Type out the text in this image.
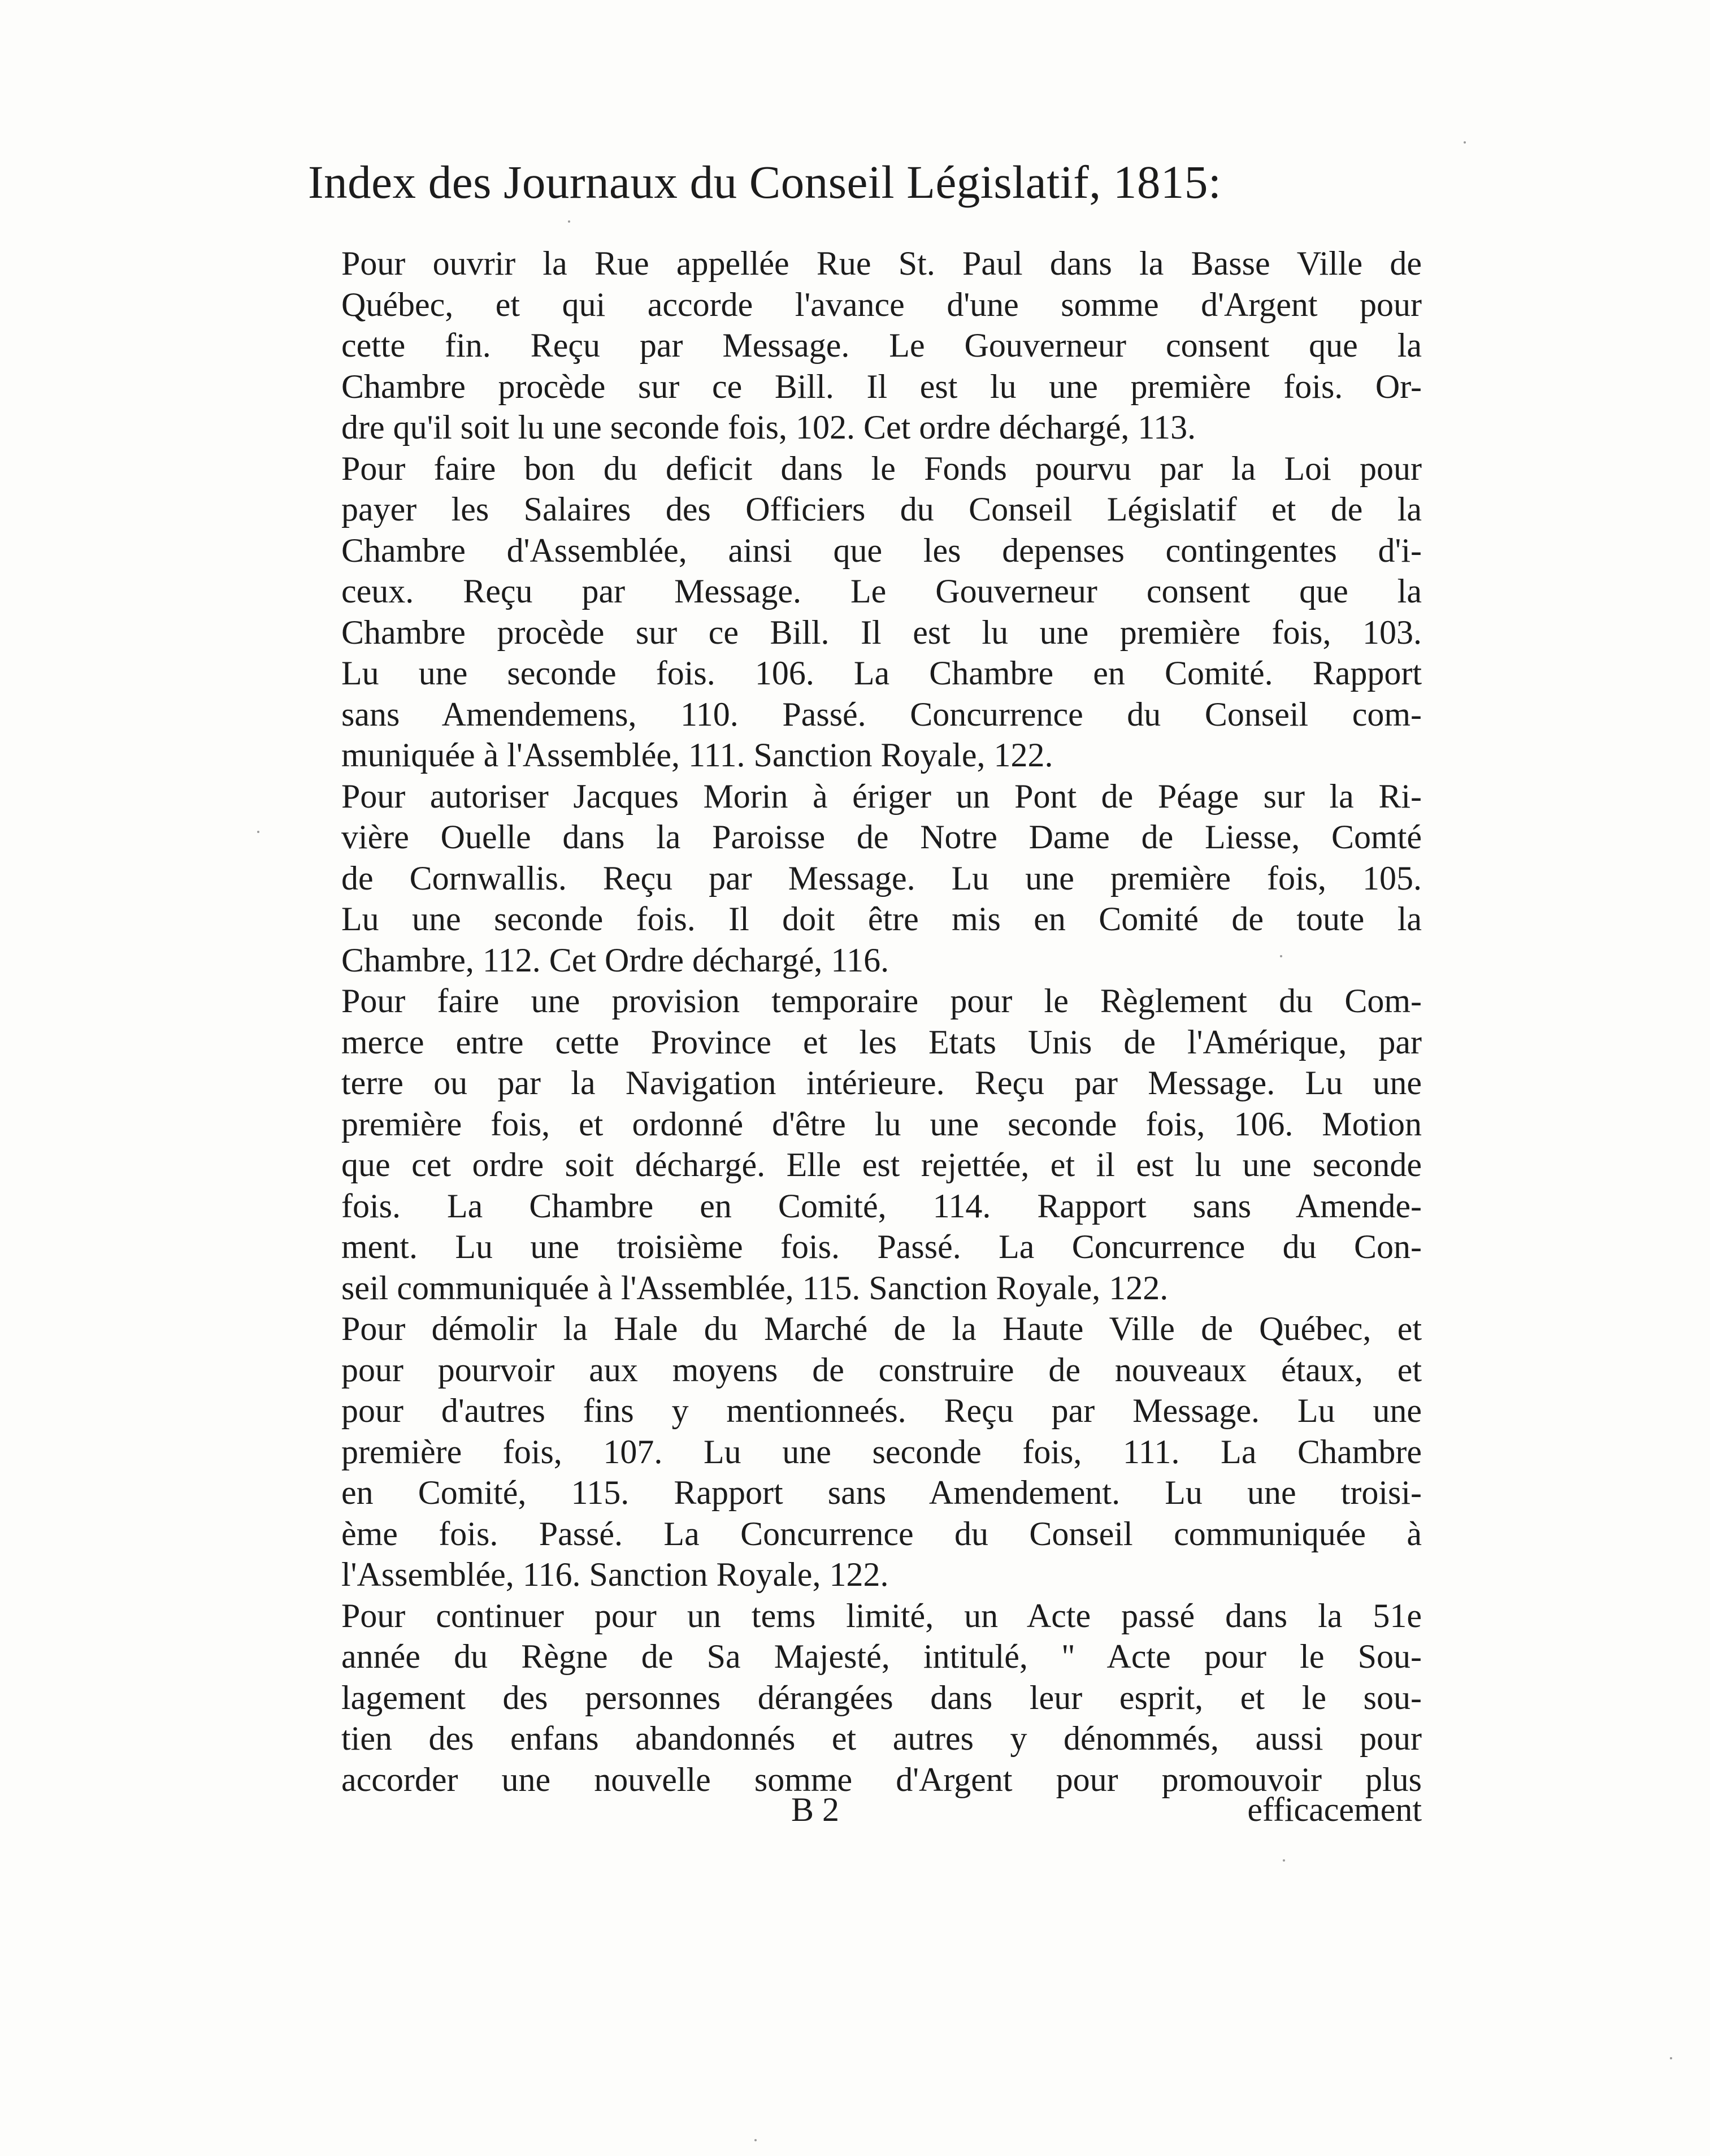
Index des Journaux du Conseil Législatif, 1815:

Pour ouvrir la Rue appellée Rue St. Paul dans la Basse Ville de
Québec, et qui accorde l'avance d'une somme d'Argent pour
cette fin. Reçu par Message. Le Gouverneur consent que la
Chambre procède sur ce Bill. Il est lu une première fois. Or-
dre qu'il soit lu une seconde fois, 102. Cet ordre déchargé, 113.

Pour faire bon du deficit dans le Fonds pourvu par la Loi pour
payer les Salaires des Officiers du Conseil Législatif et de la
Chambre d'Assemblée, ainsi que les depenses contingentes d'i-
ceux. Reçu par Message. Le Gouverneur consent que la
Chambre procède sur ce Bill. Il est lu une première fois, 103.
Lu une seconde fois. 106. La Chambre en Comité. Rapport
sans Amendemens, 110. Passé. Concurrence du Conseil com-
muniquée à l'Assemblée, 111. Sanction Royale, 122.

Pour autoriser Jacques Morin à ériger un Pont de Péage sur la Ri-
vière Ouelle dans la Paroisse de Notre Dame de Liesse, Comté
de Cornwallis. Reçu par Message. Lu une première fois, 105.
Lu une seconde fois. Il doit être mis en Comité de toute la
Chambre, 112. Cet Ordre déchargé, 116.

Pour faire une provision temporaire pour le Règlement du Com-
merce entre cette Province et les Etats Unis de l'Amérique, par
terre ou par la Navigation intérieure. Reçu par Message. Lu une
première fois, et ordonné d'être lu une seconde fois, 106. Motion
que cet ordre soit déchargé. Elle est rejettée, et il est lu une seconde
fois. La Chambre en Comité, 114. Rapport sans Amende-
ment. Lu une troisième fois. Passé. La Concurrence du Con-
seil communiquée à l'Assemblée, 115. Sanction Royale, 122.

Pour démolir la Hale du Marché de la Haute Ville de Québec, et
pour pourvoir aux moyens de construire de nouveaux étaux, et
pour d'autres fins y mentionneés. Reçu par Message. Lu une
première fois, 107. Lu une seconde fois, 111. La Chambre
en Comité, 115. Rapport sans Amendement. Lu une troisi-
ème fois. Passé. La Concurrence du Conseil communiquée à
l'Assemblée, 116. Sanction Royale, 122.

Pour continuer pour un tems limité, un Acte passé dans la 51e
année du Règne de Sa Majesté, intitulé, " Acte pour le Sou-
lagement des personnes dérangées dans leur esprit, et le sou-
tien des enfans abandonnés et autres y dénommés, aussi pour
accorder une nouvelle somme d'Argent pour promouvoir plus

B 2	efficacement
